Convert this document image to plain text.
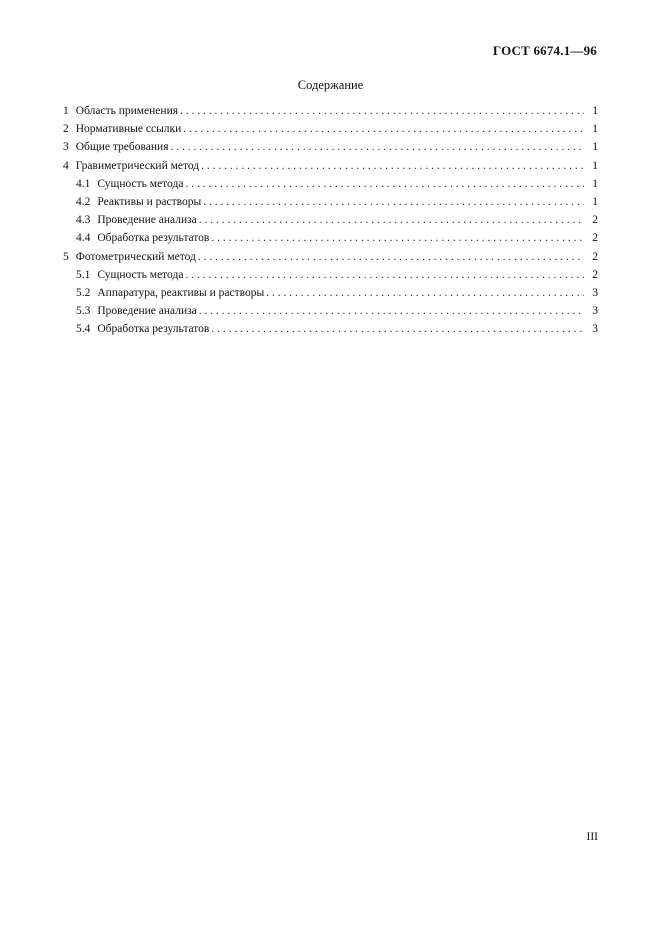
ГОСТ 6674.1—96
Содержание
1 Область применения . . .	1
2 Нормативные ссылки . . .	1
3 Общие требования . . .	1
4 Гравиметрический метод . . .	1
4.1 Сущность метода . . .	1
4.2 Реактивы и растворы . . .	1
4.3 Проведение анализа . . .	2
4.4 Обработка результатов . . .	2
5 Фотометрический метод . . .	2
5.1 Сущность метода . . .	2
5.2 Аппаратура, реактивы и растворы . . .	3
5.3 Проведение анализа . . .	3
5.4 Обработка результатов . . .	3
III
